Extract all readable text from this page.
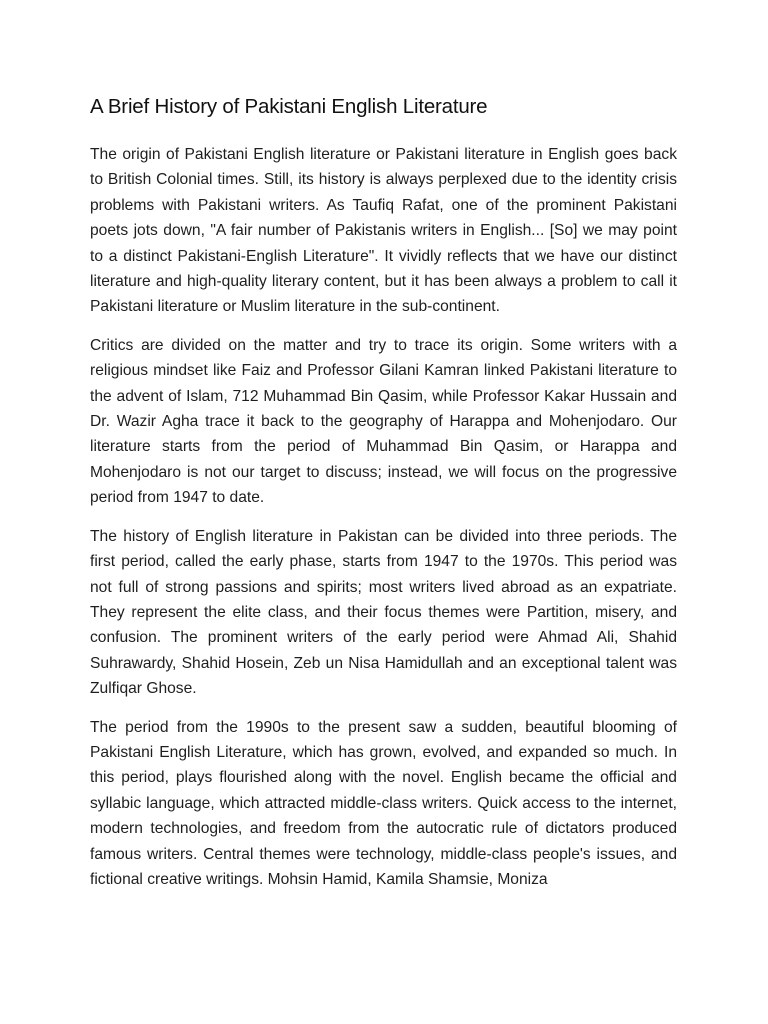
A Brief History of Pakistani English Literature

The origin of Pakistani English literature or Pakistani literature in English goes back to British Colonial times. Still, its history is always perplexed due to the identity crisis problems with Pakistani writers. As Taufiq Rafat, one of the prominent Pakistani poets jots down, "A fair number of Pakistanis writers in English... [So] we may point to a distinct Pakistani-English Literature". It vividly reflects that we have our distinct literature and high-quality literary content, but it has been always a problem to call it Pakistani literature or Muslim literature in the sub-continent.

Critics are divided on the matter and try to trace its origin. Some writers with a religious mindset like Faiz and Professor Gilani Kamran linked Pakistani literature to the advent of Islam, 712 Muhammad Bin Qasim, while Professor Kakar Hussain and Dr. Wazir Agha trace it back to the geography of Harappa and Mohenjodaro. Our literature starts from the period of Muhammad Bin Qasim, or Harappa and Mohenjodaro is not our target to discuss; instead, we will focus on the progressive period from 1947 to date.

The history of English literature in Pakistan can be divided into three periods. The first period, called the early phase, starts from 1947 to the 1970s. This period was not full of strong passions and spirits; most writers lived abroad as an expatriate. They represent the elite class, and their focus themes were Partition, misery, and confusion. The prominent writers of the early period were Ahmad Ali, Shahid Suhrawardy, Shahid Hosein, Zeb un Nisa Hamidullah and an exceptional talent was Zulfiqar Ghose.

The period from the 1990s to the present saw a sudden, beautiful blooming of Pakistani English Literature, which has grown, evolved, and expanded so much. In this period, plays flourished along with the novel. English became the official and syllabic language, which attracted middle-class writers. Quick access to the internet, modern technologies, and freedom from the autocratic rule of dictators produced famous writers. Central themes were technology, middle-class people's issues, and fictional creative writings. Mohsin Hamid, Kamila Shamsie, Moniza
